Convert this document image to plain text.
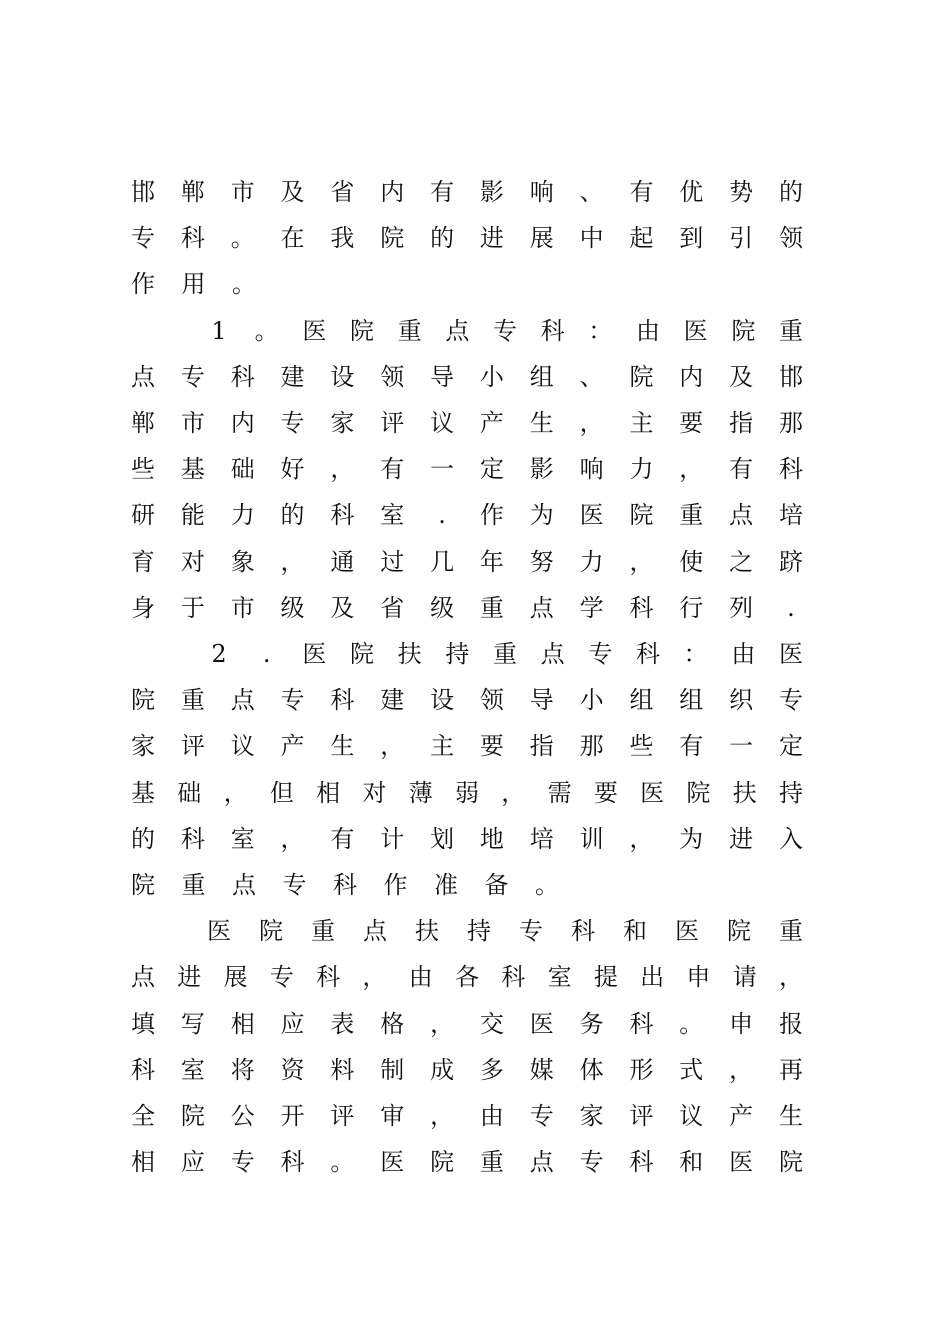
邯 郸 市 及 省 内 有 影 响 、 有 优 势 的
专 科 。 在 我 院 的 进 展 中 起 到 引 领
作 用 。
1	。 医 院 重 点 专 科 ： 由 医 院 重
点 专 科 建 设 领 导 小 组 、 院 内 及 邯
郸 市 内 专 家 评 议 产 生 ， 主 要 指 那
些 基 础 好 ， 有 一 定 影 响 力 ， 有 科
研 能 力 的 科 室	.	作 为 医 院 重 点 培
育 对 象 ， 通 过 几 年 努 力 ， 使 之 跻
身 于 市 级 及 省 级 重 点 学 科 行 列	.
2	.	医 院 扶 持 重 点 专 科 ： 由 医
院 重 点 专 科 建 设 领 导 小 组 组 织 专
家 评 议 产 生 ， 主 要 指 那 些 有 一 定
基 础 ， 但 相 对 薄 弱 ， 需 要 医 院 扶 持
的 科 室 ， 有 计 划 地 培 训 ， 为 进 入
院 重 点 专 科 作 准 备 。
医 院 重 点 扶 持 专 科 和 医 院 重
点 进 展 专 科 ， 由 各 科 室 提 出 申 请 ，
填 写 相 应 表 格 ， 交 医 务 科 。 申 报
科 室 将 资 料 制 成 多 媒 体 形 式 ， 再
全 院 公 开 评 审 ， 由 专 家 评 议 产 生
相 应 专 科 。 医 院 重 点 专 科 和 医 院
